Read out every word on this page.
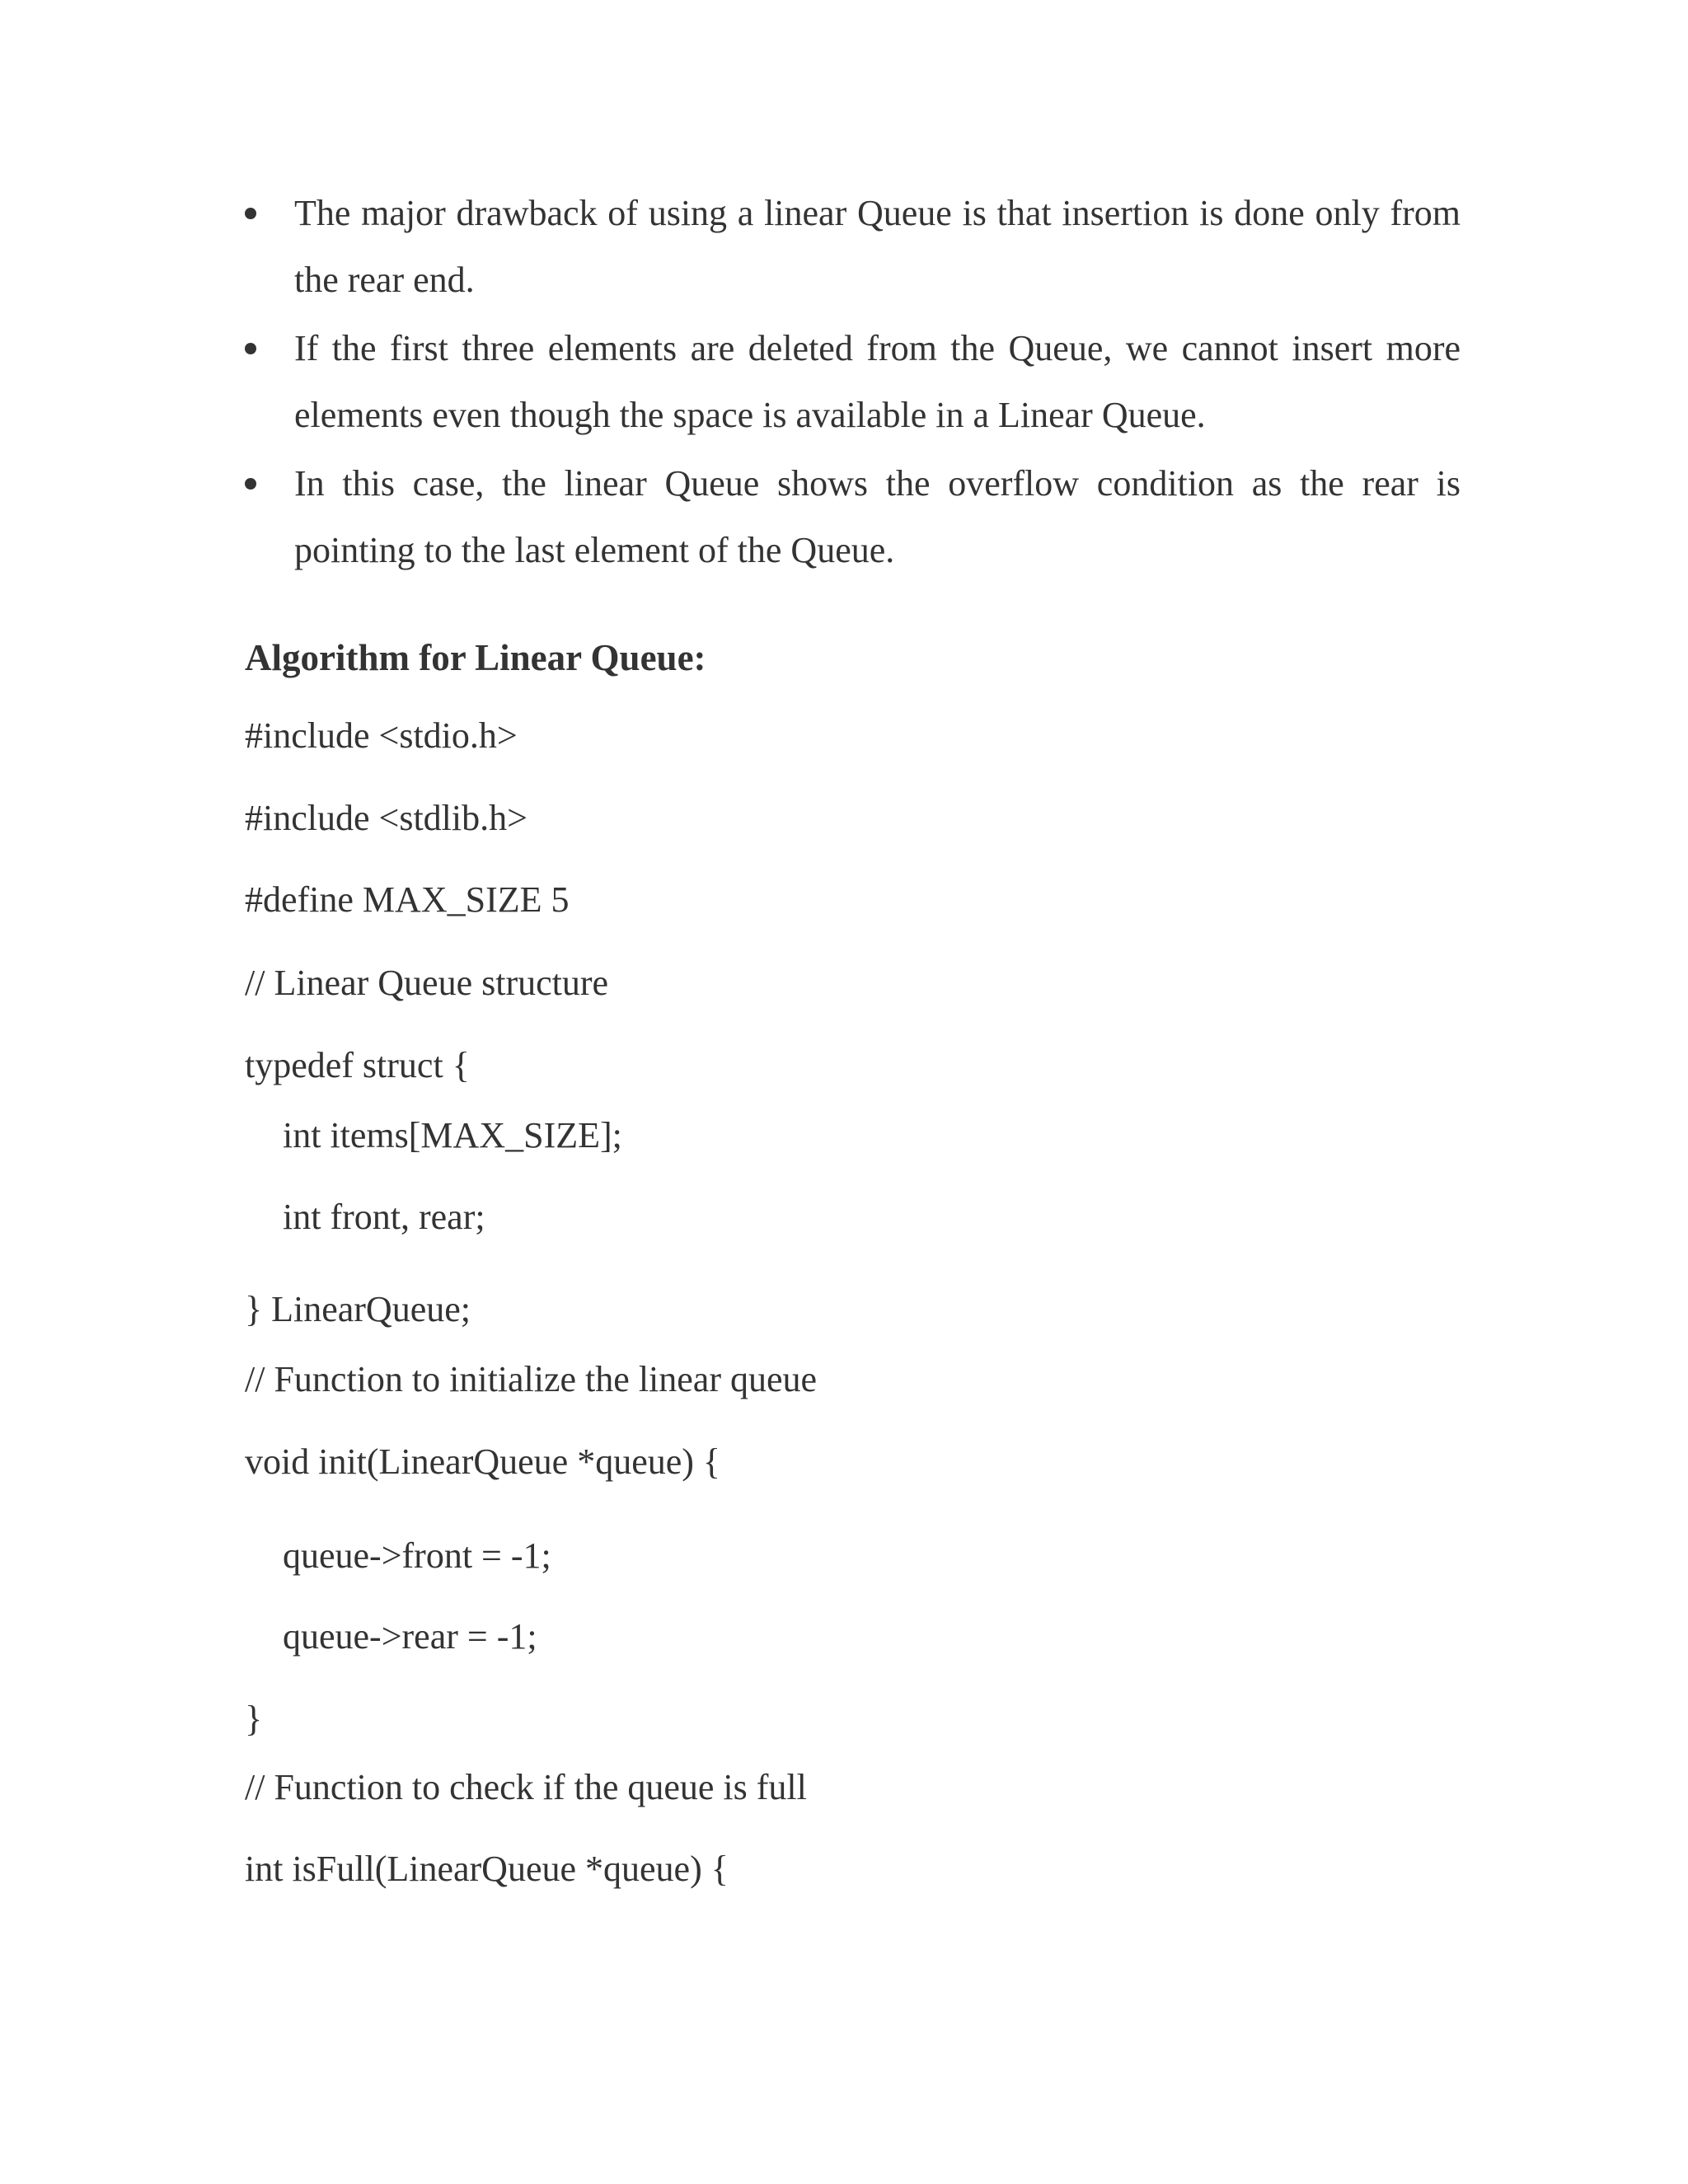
The major drawback of using a linear Queue is that insertion is done only from the rear end.
If the first three elements are deleted from the Queue, we cannot insert more elements even though the space is available in a Linear Queue.
In this case, the linear Queue shows the overflow condition as the rear is pointing to the last element of the Queue.
Algorithm for Linear Queue:

#include <stdio.h>

#include <stdlib.h>

#define MAX_SIZE 5

// Linear Queue structure

typedef struct {

int items[MAX_SIZE];

int front, rear;

} LinearQueue;

// Function to initialize the linear queue

void init(LinearQueue *queue) {

queue->front = -1;

queue->rear = -1;

}

// Function to check if the queue is full

int isFull(LinearQueue *queue) {
